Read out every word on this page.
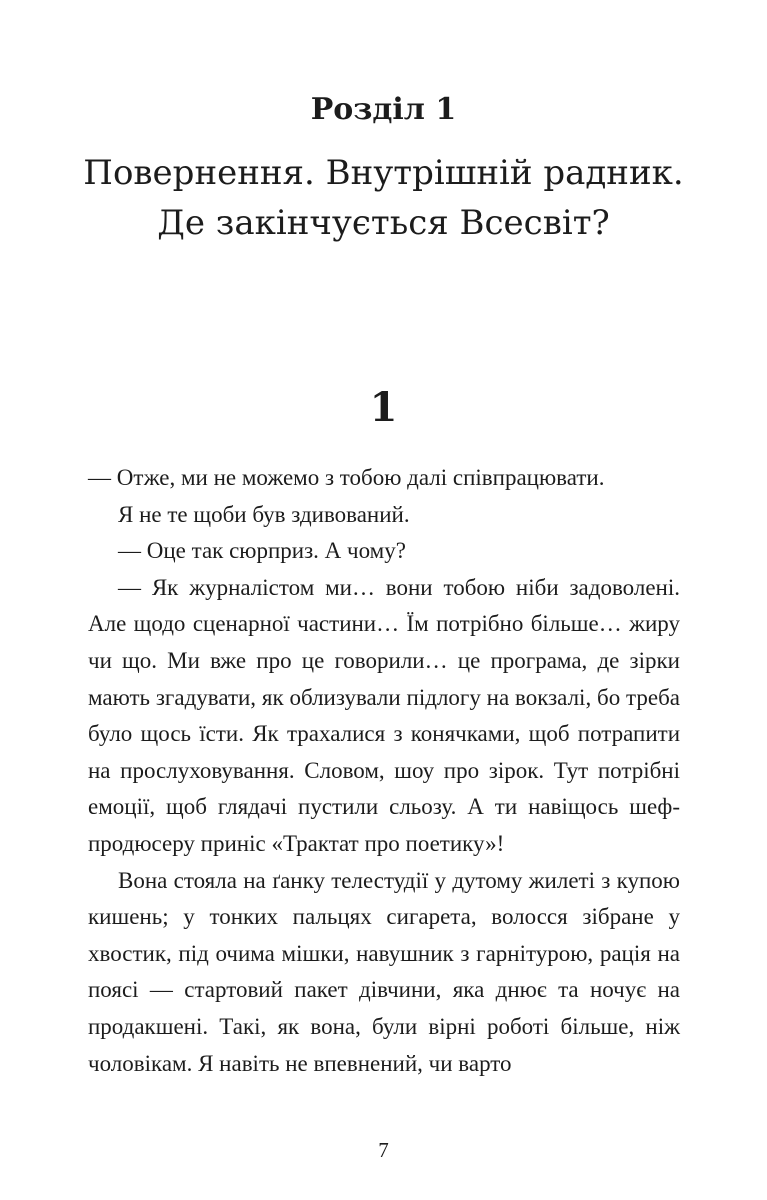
Розділ 1
Повернення. Внутрішній радник.
Де закінчується Всесвіт?
1

— Отже, ми не можемо з тобою далі співпрацювати.

Я не те щоби був здивований.

— Оце так сюрприз. А чому?

— Як журналістом ми… вони тобою ніби задоволені. Але щодо сценарної частини… Їм потрібно більше… жиру чи що. Ми вже про це говорили… це програма, де зірки мають згадувати, як облизували підлогу на вокзалі, бо треба було щось їсти. Як трахалися з конячками, щоб потрапити на прослуховування. Словом, шоу про зірок. Тут потрібні емоції, щоб глядачі пустили сльозу. А ти навіщось шеф-продюсеру приніс «Трактат про поетику»!

Вона стояла на ґанку телестудії у дутому жилеті з купою кишень; у тонких пальцях сигарета, волосся зібране у хвостик, під очима мішки, навушник з гарнітурою, рація на поясі — стартовий пакет дівчини, яка днює та ночує на продакшені. Такі, як вона, були вірні роботі більше, ніж чоловікам. Я навіть не впевнений, чи варто

7
